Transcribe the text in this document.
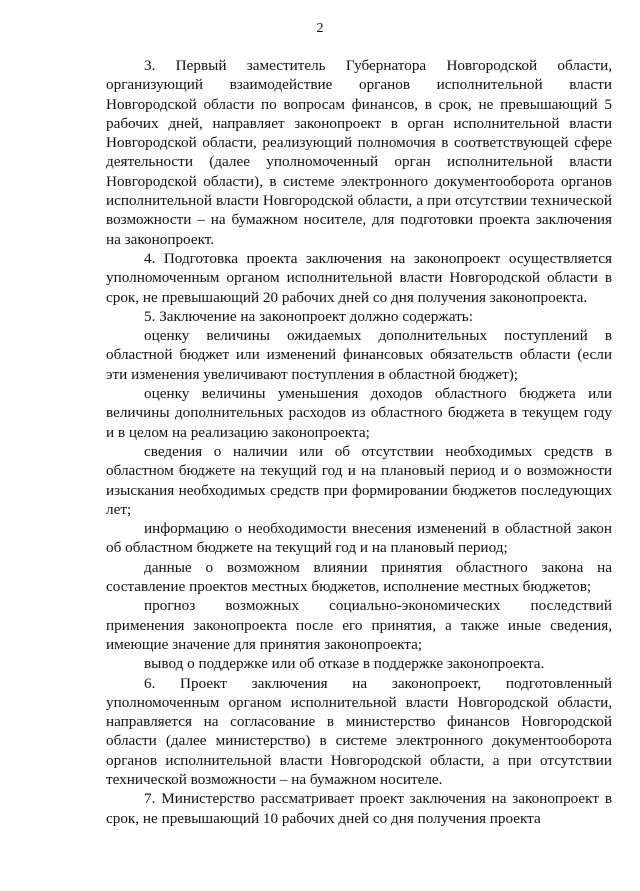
2

3. Первый заместитель Губернатора Новгородской области, организующий взаимодействие органов исполнительной власти Новгородской области по вопросам финансов, в срок, не превышающий 5 рабочих дней, направляет законопроект в орган исполнительной власти Новгородской области, реализующий полномочия в соответствующей сфере деятельности (далее уполномоченный орган исполнительной власти Новгородской области), в системе электронного документооборота органов исполнительной власти Новгородской области, а при отсутствии технической возможности – на бумажном носителе, для подготовки проекта заключения на законопроект.

4. Подготовка проекта заключения на законопроект осуществляется уполномоченным органом исполнительной власти Новгородской области в срок, не превышающий 20 рабочих дней со дня получения законопроекта.

5. Заключение на законопроект должно содержать:

оценку величины ожидаемых дополнительных поступлений в областной бюджет или изменений финансовых обязательств области (если эти изменения увеличивают поступления в областной бюджет);

оценку величины уменьшения доходов областного бюджета или величины дополнительных расходов из областного бюджета в текущем году и в целом на реализацию законопроекта;

сведения о наличии или об отсутствии необходимых средств в областном бюджете на текущий год и на плановый период и о возможности изыскания необходимых средств при формировании бюджетов последующих лет;

информацию о необходимости внесения изменений в областной закон об областном бюджете на текущий год и на плановый период;

данные о возможном влиянии принятия областного закона на составление проектов местных бюджетов, исполнение местных бюджетов;

прогноз возможных социально-экономических последствий применения законопроекта после его принятия, а также иные сведения, имеющие значение для принятия законопроекта;

вывод о поддержке или об отказе в поддержке законопроекта.

6. Проект заключения на законопроект, подготовленный уполномоченным органом исполнительной власти Новгородской области, направляется на согласование в министерство финансов Новгородской области (далее министерство) в системе электронного документооборота органов исполнительной власти Новгородской области, а при отсутствии технической возможности – на бумажном носителе.

7. Министерство рассматривает проект заключения на законопроект в срок, не превышающий 10 рабочих дней со дня получения проекта
